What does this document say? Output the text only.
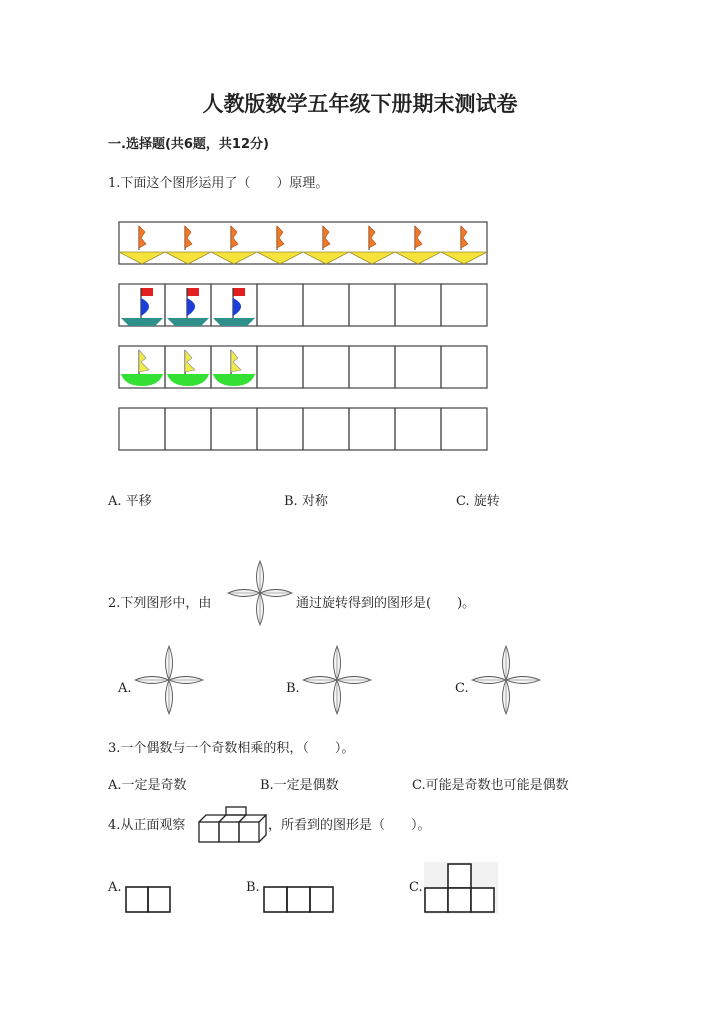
人教版数学五年级下册期末测试卷
一.选择题(共6题，共12分)
1.下面这个图形运用了（　　）原理。
A. 平移	B. 对称	C. 旋转
2.下列图形中，由	通过旋转得到的图形是(　　)。
A.	B.	C.
3.一个偶数与一个奇数相乘的积，（　　）。
A.一定是奇数	B.一定是偶数	C.可能是奇数也可能是偶数
4.从正面观察	，所看到的图形是（　　）。
A.	B.	C.
